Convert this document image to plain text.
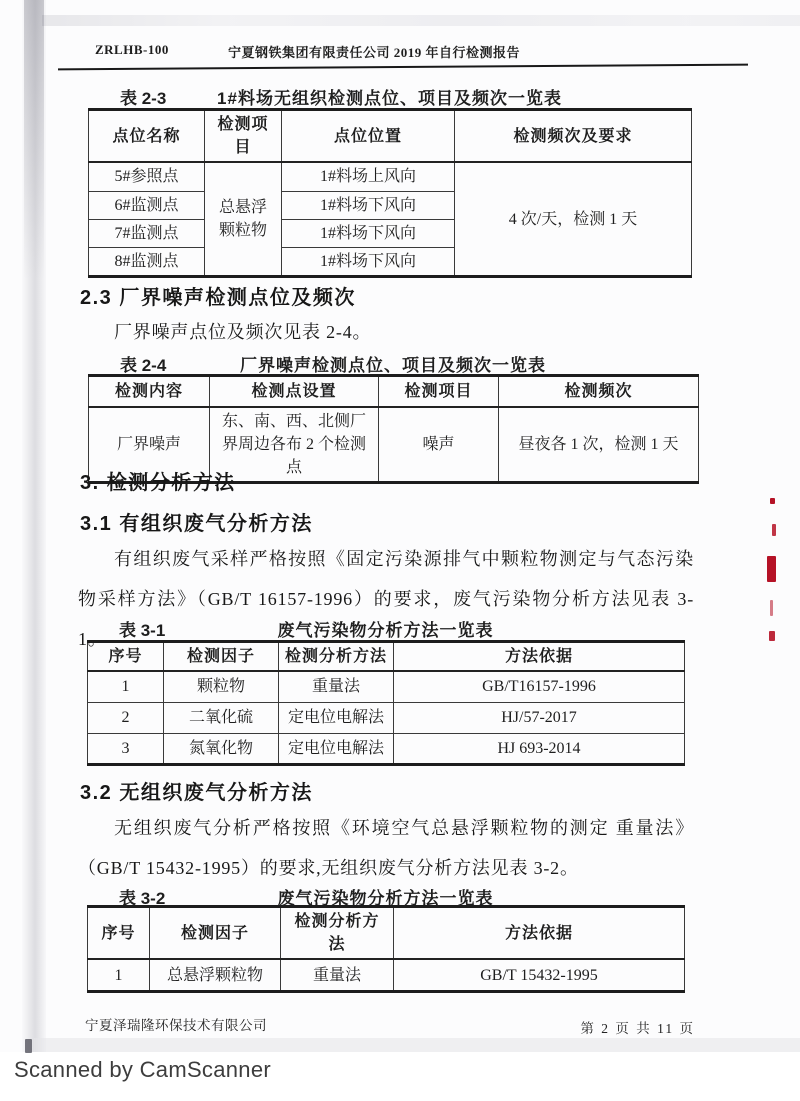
ZRLHB-100	宁夏钢铁集团有限责任公司 2019 年自行检测报告
表 2-3	1#料场无组织检测点位、项目及频次一览表
点位名称	检测项目	点位位置	检测频次及要求
5#参照点	总悬浮颗粒物	1#料场上风向	4 次/天，检测 1 天
6#监测点		1#料场下风向	
7#监测点		1#料场下风向	
8#监测点		1#料场下风向	
2.3 厂界噪声检测点位及频次

厂界噪声点位及频次见表 2-4。

表 2-4	厂界噪声检测点位、项目及频次一览表
检测内容	检测点设置	检测项目	检测频次
厂界噪声	东、南、西、北侧厂界周边各布 2 个检测点	噪声	昼夜各 1 次，检测 1 天
3. 检测分析方法
3.1 有组织废气分析方法

有组织废气采样严格按照《固定污染源排气中颗粒物测定与气态污染物采样方法》（GB/T 16157-1996）的要求，废气污染物分析方法见表 3-1。 表 3-1	废气污染物分析方法一览表
序号	检测因子	检测分析方法	方法依据
1	颗粒物	重量法	GB/T16157-1996
2	二氧化硫	定电位电解法	HJ/57-2017
3	氮氧化物	定电位电解法	HJ 693-2014
3.2 无组织废气分析方法

无组织废气分析严格按照《环境空气总悬浮颗粒物的测定 重量法》（GB/T 15432-1995）的要求,无组织废气分析方法见表 3-2。

表 3-2	废气污染物分析方法一览表
序号	检测因子	检测分析方法	方法依据
1	总悬浮颗粒物	重量法	GB/T 15432-1995
宁夏泽瑞隆环保技术有限公司	第 2 页 共 11 页
Scanned by CamScanner
